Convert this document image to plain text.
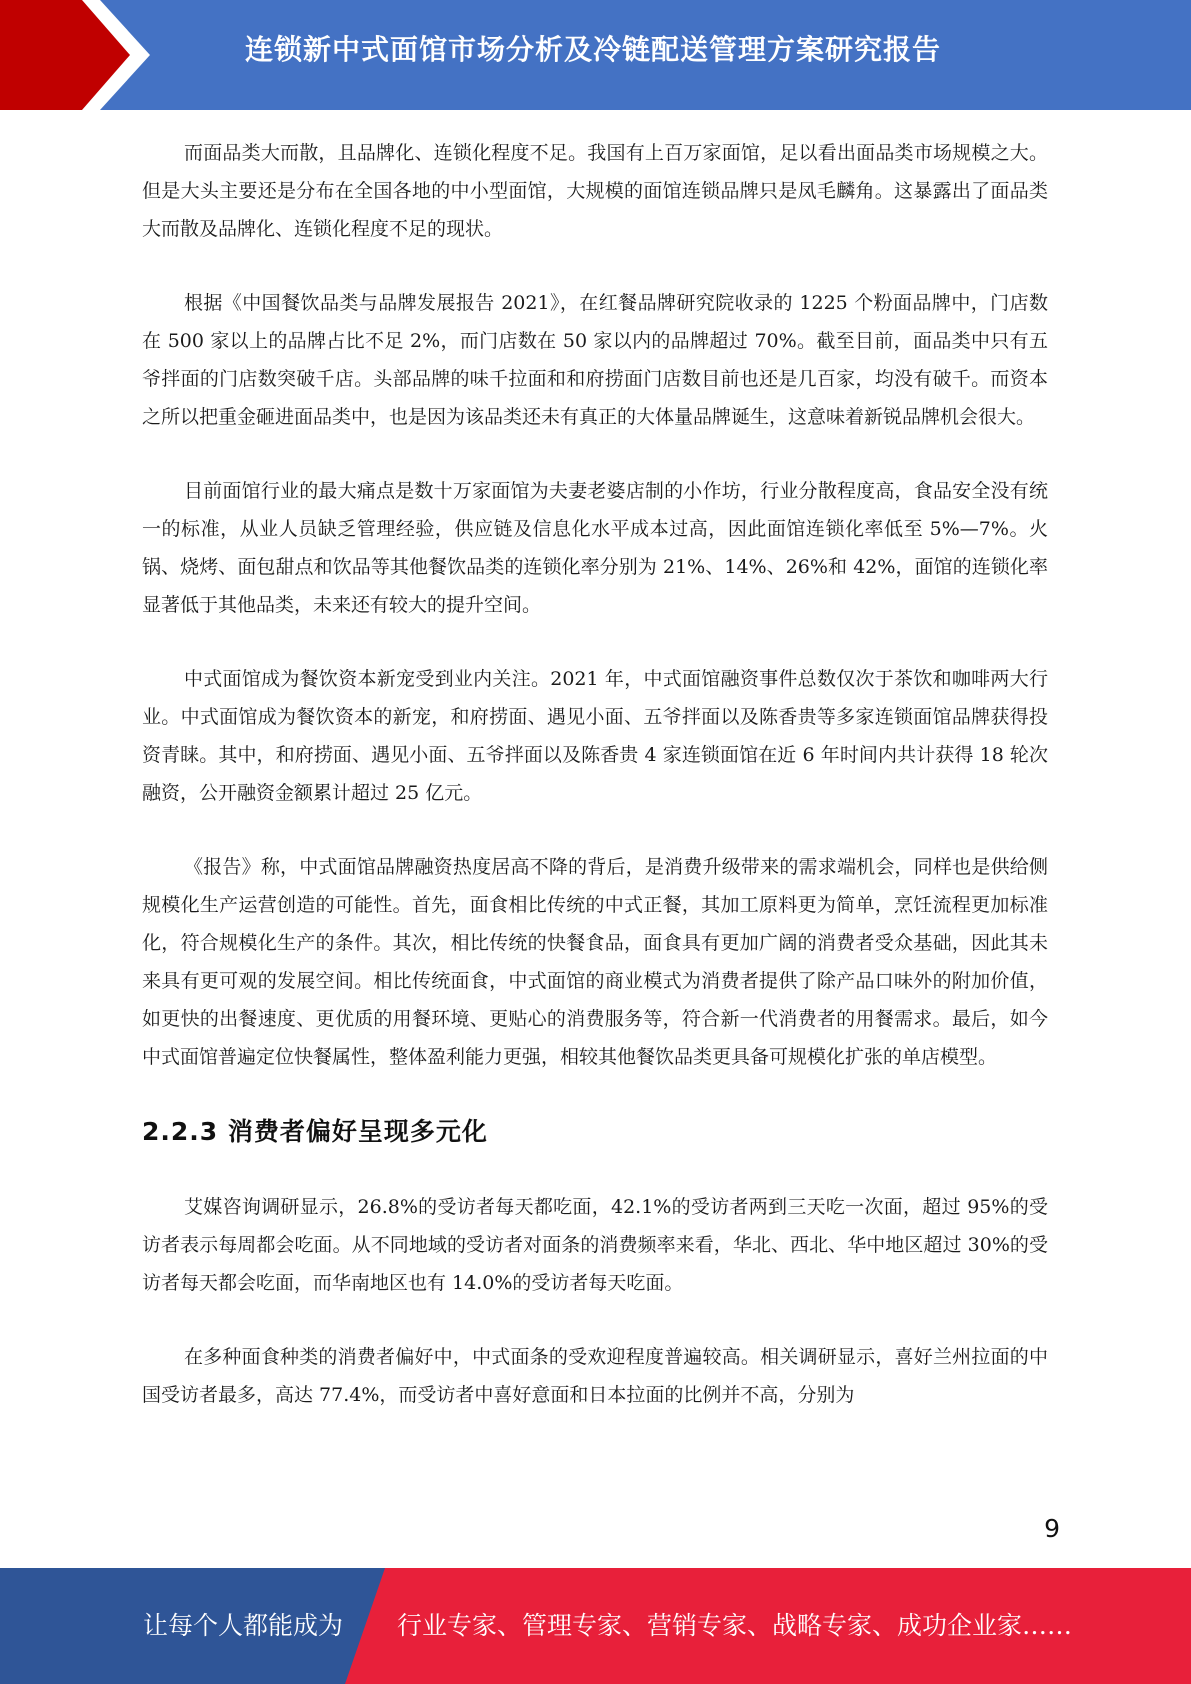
连锁新中式面馆市场分析及冷链配送管理方案研究报告

而面品类大而散，且品牌化、连锁化程度不足。我国有上百万家面馆，足以看出面品类市场规模之大。但是大头主要还是分布在全国各地的中小型面馆，大规模的面馆连锁品牌只是凤毛麟角。这暴露出了面品类大而散及品牌化、连锁化程度不足的现状。

根据《中国餐饮品类与品牌发展报告 2021》，在红餐品牌研究院收录的 1225 个粉面品牌中，门店数在 500 家以上的品牌占比不足 2%，而门店数在 50 家以内的品牌超过 70%。截至目前，面品类中只有五爷拌面的门店数突破千店。头部品牌的味千拉面和和府捞面门店数目前也还是几百家，均没有破千。而资本之所以把重金砸进面品类中，也是因为该品类还未有真正的大体量品牌诞生，这意味着新锐品牌机会很大。

目前面馆行业的最大痛点是数十万家面馆为夫妻老婆店制的小作坊，行业分散程度高，食品安全没有统一的标准，从业人员缺乏管理经验，供应链及信息化水平成本过高，因此面馆连锁化率低至 5%—7%。火锅、烧烤、面包甜点和饮品等其他餐饮品类的连锁化率分别为 21%、14%、26%和 42%，面馆的连锁化率显著低于其他品类，未来还有较大的提升空间。

中式面馆成为餐饮资本新宠受到业内关注。2021 年，中式面馆融资事件总数仅次于茶饮和咖啡两大行业。中式面馆成为餐饮资本的新宠，和府捞面、遇见小面、五爷拌面以及陈香贵等多家连锁面馆品牌获得投资青睐。其中，和府捞面、遇见小面、五爷拌面以及陈香贵 4 家连锁面馆在近 6 年时间内共计获得 18 轮次融资，公开融资金额累计超过 25 亿元。

《报告》称，中式面馆品牌融资热度居高不降的背后，是消费升级带来的需求端机会，同样也是供给侧规模化生产运营创造的可能性。首先，面食相比传统的中式正餐，其加工原料更为简单，烹饪流程更加标准化，符合规模化生产的条件。其次，相比传统的快餐食品，面食具有更加广阔的消费者受众基础，因此其未来具有更可观的发展空间。相比传统面食，中式面馆的商业模式为消费者提供了除产品口味外的附加价值，如更快的出餐速度、更优质的用餐环境、更贴心的消费服务等，符合新一代消费者的用餐需求。最后，如今中式面馆普遍定位快餐属性，整体盈利能力更强，相较其他餐饮品类更具备可规模化扩张的单店模型。

2.2.3 消费者偏好呈现多元化

艾媒咨询调研显示，26.8%的受访者每天都吃面，42.1%的受访者两到三天吃一次面，超过 95%的受访者表示每周都会吃面。从不同地域的受访者对面条的消费频率来看，华北、西北、华中地区超过 30%的受访者每天都会吃面，而华南地区也有 14.0%的受访者每天吃面。

在多种面食种类的消费者偏好中，中式面条的受欢迎程度普遍较高。相关调研显示，喜好兰州拉面的中国受访者最多，高达 77.4%，而受访者中喜好意面和日本拉面的比例并不高，分别为

9
让每个人都能成为 行业专家、管理专家、营销专家、战略专家、成功企业家……
